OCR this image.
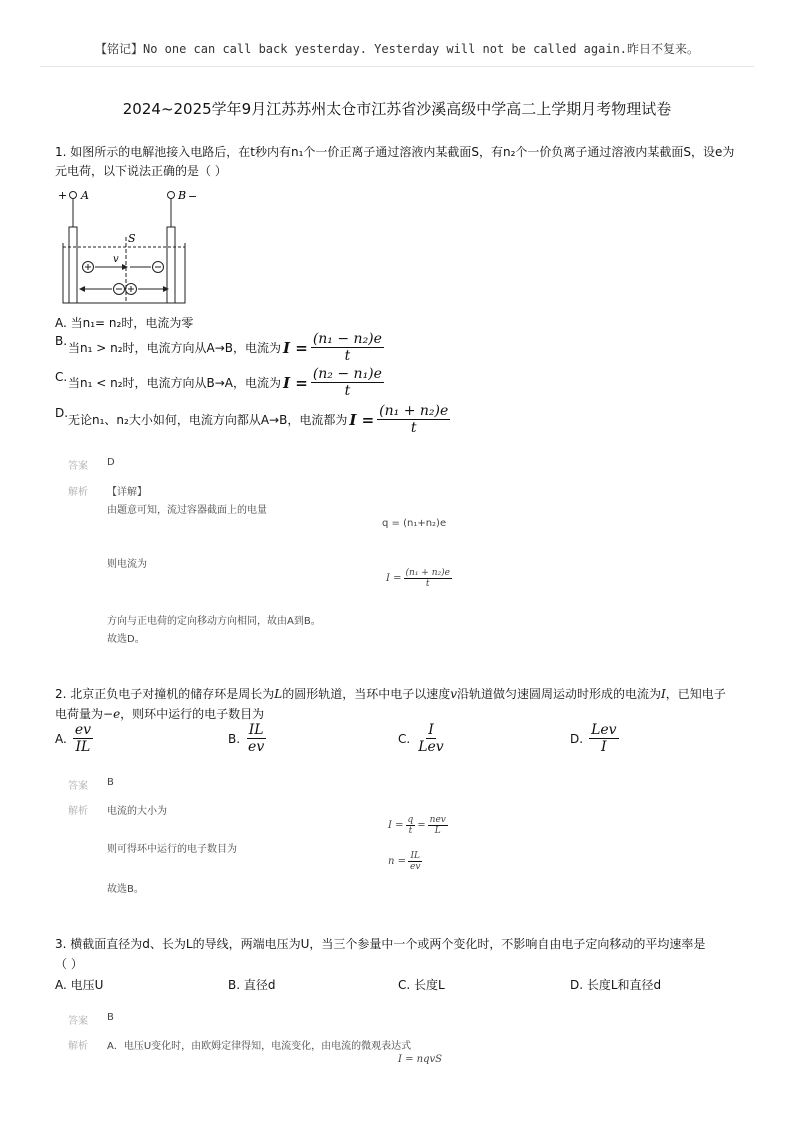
【铭记】No one can call back yesterday. Yesterday will not be called again.昨日不复来。
2024~2025学年9月江苏苏州太仓市江苏省沙溪高级中学高二上学期月考物理试卷
1. 如图所示的电解池接入电路后，在t秒内有n₁个一价正离子通过溶液内某截面S，有n₂个一价负离子通过溶液内某截面S，设e为
元电荷，以下说法正确的是（ ）
+ A	B −
S
v
A. 当n₁= n₂时，电流为零
B.
当n₁ > n₂时，电流方向从A→B，电流为 $I = \frac{\text{(n₁ − n₂)e}}{t}$
C. 当n₁ < n₂时，电流方向从B→A，电流为 $I = \frac{\text{(n₂ − n₁)e}}{t}$
D.
无论n₁、n₂大小如何，电流方向都从A→B，电流都为 $I = \frac{\text{(n₁ + n₂)e}}{t}$
答案 D
解析 【详解】
由题意可知，流过容器截面上的电量
q = (n₁+n₂)e
则电流为
$I = \frac{\text{(n₁ + n₂)e}}{t}$
方向与正电荷的定向移动方向相同，故由A到B。
故选D。
2. 北京正负电子对撞机的储存环是周长为L的圆形轨道，当环中电子以速度v沿轨道做匀速圆周运动时形成的电流为I，已知电子
电荷量为−e，则环中运行的电子数目为
A. $\frac{ev}{IL}$	B. $\frac{IL}{ev}$	C. $\frac{I}{\text{Lev}}$	D. $\frac{\text{Lev}}{I}$
答案 B
解析 电流的大小为
$I = \frac{q}{t} = \frac{\text{nev}}{L}$
则可得环中运行的电子数目为
$n = \frac{IL}{ev}$
故选B。
3. 横截面直径为d、长为L的导线，两端电压为U，当三个参量中一个或两个变化时，不影响自由电子定向移动的平均速率是
（ ）
A. 电压U	B. 直径d	C. 长度L	D. 长度L和直径d
答案 B
解析 A．电压U变化时，由欧姆定律得知，电流变化，由电流的微观表达式
I = nqvS
